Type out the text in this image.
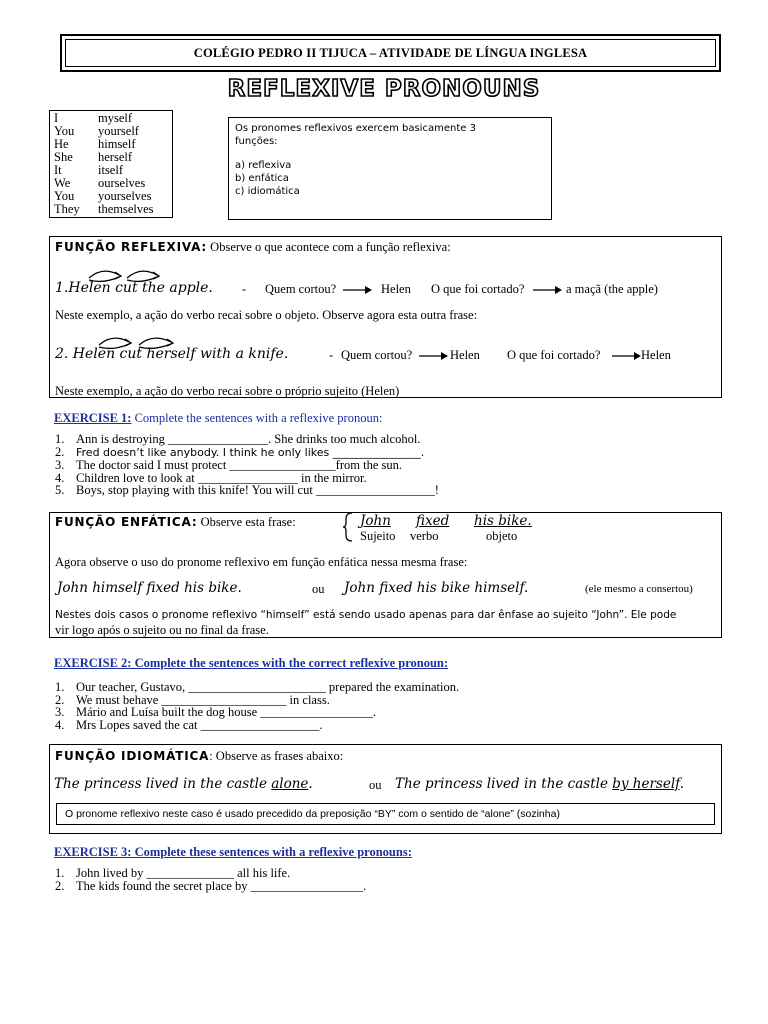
COLÉGIO PEDRO II TIJUCA – ATIVIDADE DE LÍNGUA INGLESA
REFLEXIVE PRONOUNS
I	myself
You yourself
He himself
She herself
It	itself
We ourselves
You yourselves
They themselves
Os pronomes reflexivos exercem basicamente 3
funções:
a) reflexiva
b) enfática
c) idiomática
FUNÇÃO REFLEXIVA: Observe o que acontece com a função reflexiva:
1.Helen cut the apple. - Quem cortou?	Helen O que foi cortado?	a maçã (the apple)
Neste exemplo, a ação do verbo recai sobre o objeto. Observe agora esta outra frase:
2. Helen cut herself with a knife.	- Quem cortou?	Helen O que foi cortado?	Helen
Neste exemplo, a ação do verbo recai sobre o próprio sujeito (Helen)
EXERCISE 1: Complete the sentences with a reflexive pronoun:
1. Ann is destroying ________________. She drinks too much alcohol.
2. Fred doesn’t like anybody. I think he only likes ________________.
3. The doctor said I must protect _________________from the sun.
4. Children love to look at ________________ in the mirror.
5. Boys, stop playing with this knife! You will cut ___________________!
FUNÇÃO ENFÁTICA: Observe esta frase:	John fixed his bike.
Sujeito verbo	objeto
Agora observe o uso do pronome reflexivo em função enfática nessa mesma frase:
John himself fixed his bike.	ou John fixed his bike himself.	(ele mesmo a consertou)
Nestes dois casos o pronome reflexivo “himself” está sendo usado apenas para dar ênfase ao sujeito “John”. Ele pode
vir logo após o sujeito ou no final da frase.
EXERCISE 2: Complete the sentences with the correct reflexive pronoun:
1. Our teacher, Gustavo, ______________________ prepared the examination.
2. We must behave ____________________ in class.
3. Mário and Luísa built the dog house __________________.
4. Mrs Lopes saved the cat ___________________.
FUNÇÃO IDIOMÁTICA: Observe as frases abaixo:
The princess lived in the castle alone.	ou The princess lived in the castle by herself.
O pronome reflexivo neste caso é usado precedido da preposição “BY” com o sentido de “alone” (sozinha)
EXERCISE 3: Complete these sentences with a reflexive pronouns:
1. John lived by ______________ all his life.
2. The kids found the secret place by __________________.
